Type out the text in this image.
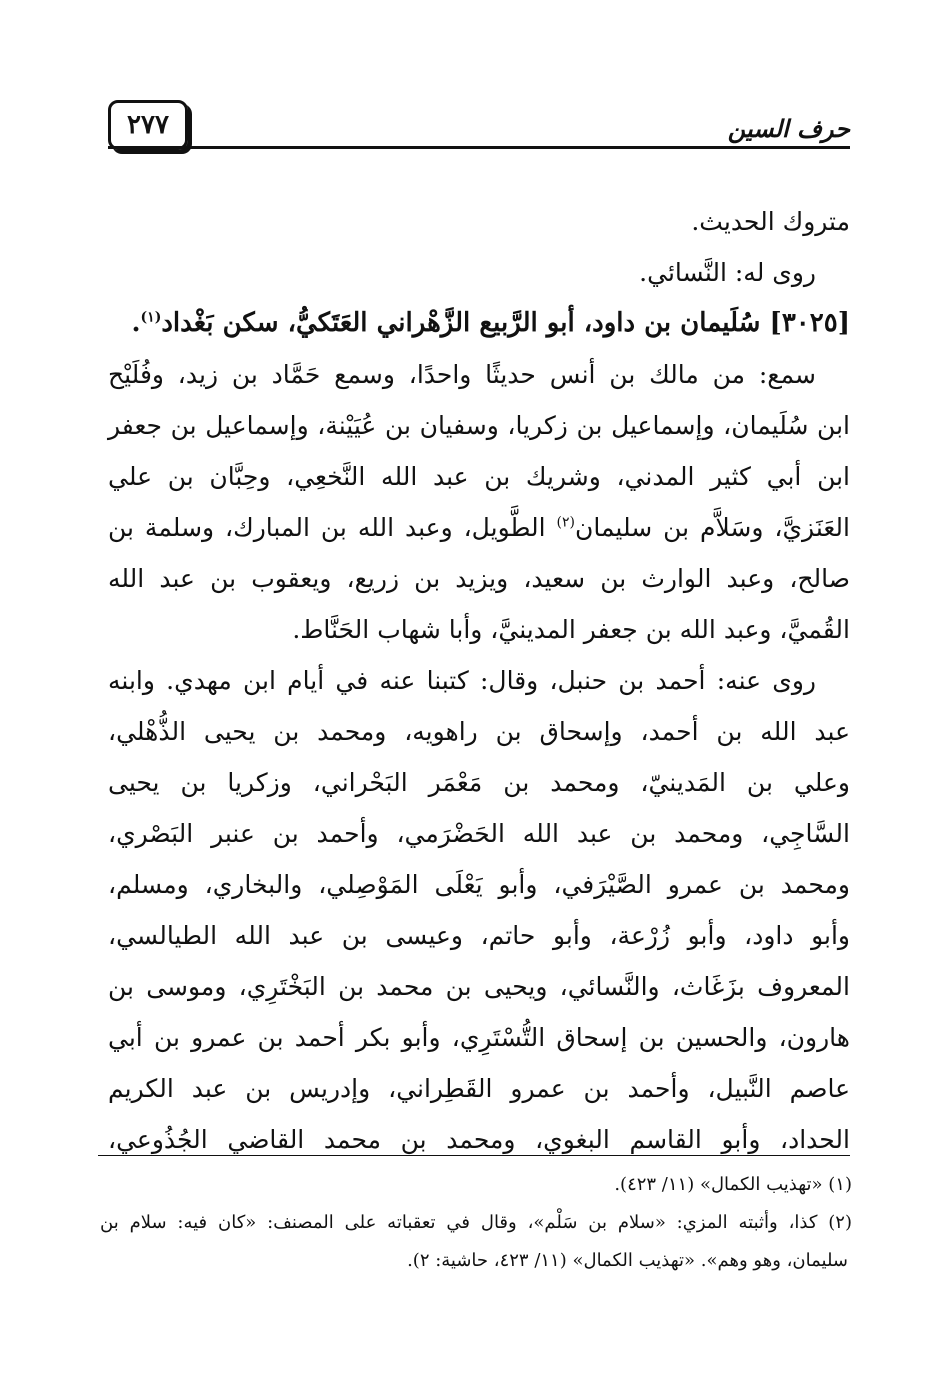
٢٧٧	حرف السين
متروك الحديث.
روى له: النَّسائي.
[٣٠٢٥] سُلَيمان بن داود، أبو الرَّبيع الزَّهْراني العَتَكيُّ، سكن بَغْداد$^{(١)}$.
سمع: من مالك بن أنس حديثًا واحدًا، وسمع حَمَّاد بن زيد، وفُلَيْح
ابن سُلَيمان، وإسماعيل بن زكريا، وسفيان بن عُيَيْنة، وإسماعيل بن جعفر
ابن أبي كثير المدني، وشريك بن عبد الله النَّخعِي، وحِبَّان بن علي
العَنَزيَّ، وسَلاَّم بن سليمان$^{(٢)}$ الطَّويل، وعبد الله بن المبارك، وسلمة بن
صالح، وعبد الوارث بن سعيد، ويزيد بن زريع، ويعقوب بن عبد الله
القُميَّ، وعبد الله بن جعفر المدينيَّ، وأبا شهاب الحَنَّاط.
روى عنه: أحمد بن حنبل، وقال: كتبنا عنه في أيام ابن مهدي. وابنه
عبد الله بن أحمد، وإسحاق بن راهويه، ومحمد بن يحيى الذُّهْلي،
وعلي بن المَدينيّ، ومحمد بن مَعْمَر البَحْراني، وزكريا بن يحيى
السَّاجِي، ومحمد بن عبد الله الحَضْرَمي، وأحمد بن عنبر البَصْري،
ومحمد بن عمرو الصَّيْرَفي، وأبو يَعْلَى المَوْصِلي، والبخاري، ومسلم،
وأبو داود، وأبو زُرْعة، وأبو حاتم، وعيسى بن عبد الله الطيالسي،
المعروف بزَغَاث، والنَّسائي، ويحيى بن محمد بن البَخْتَرِي، وموسى بن
هارون، والحسين بن إسحاق التُّسْتَرِي، وأبو بكر أحمد بن عمرو بن أبي
عاصم النَّبيل، وأحمد بن عمرو القَطِراني، وإدريس بن عبد الكريم
الحداد، وأبو القاسم البغوي، ومحمد بن محمد القاضي الجُذُوعي،
(١) «تهذيب الكمال» (١١/ ٤٢٣).
(٢) كذا، وأثبته المزي: «سلام بن سَلْم»، وقال في تعقباته على المصنف: «كان فيه: سلام بن
سليمان، وهو وهم». «تهذيب الكمال» (١١/ ٤٢٣، حاشية: ٢).
